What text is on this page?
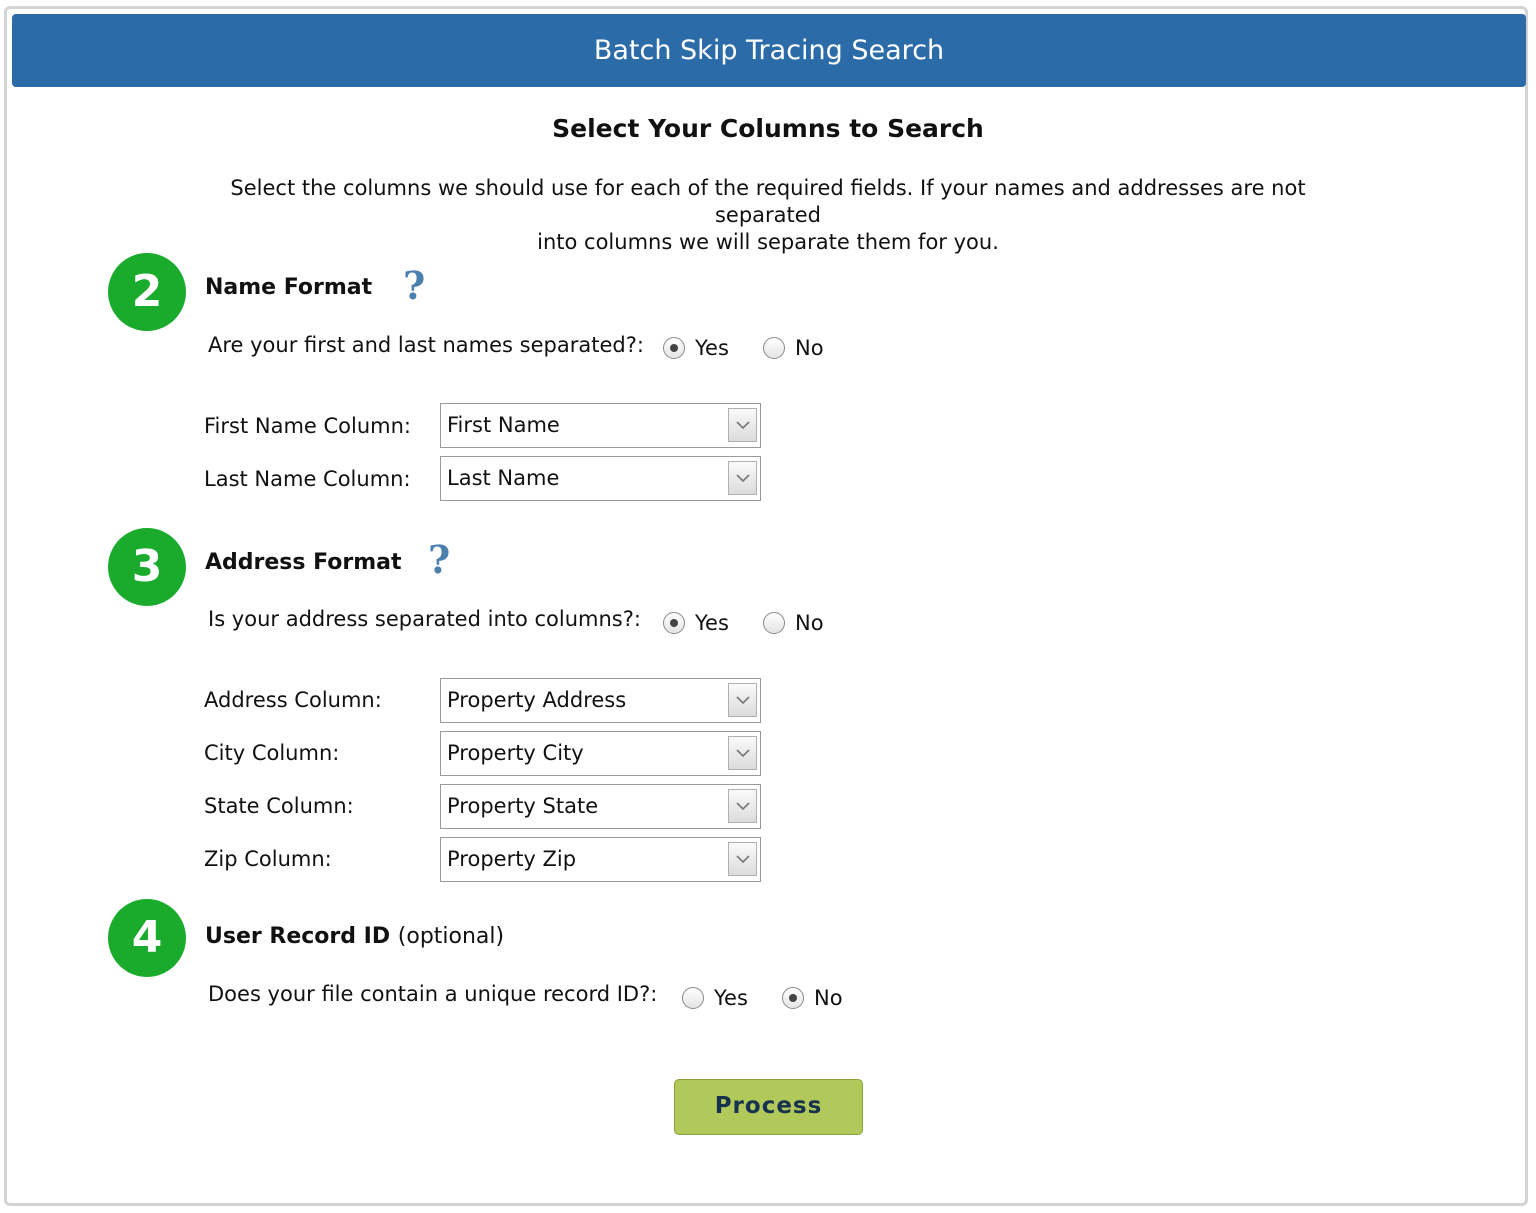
Batch Skip Tracing Search
Select Your Columns to Search
Select the columns we should use for each of the required fields. If your names and addresses are not separated
into columns we will separate them for you.
2	Name Format ?
Are your first and last names separated?: Yes	No
First Name Column: First Name
Last Name Column: Last Name
3	Address Format ?
Is your address separated into columns?:	Yes	No
Address Column:	Property Address
City Column:	Property City
State Column:	Property State
Zip Column:	Property Zip
4	User Record ID (optional)
Does your file contain a unique record ID?:	Yes	No
Process
